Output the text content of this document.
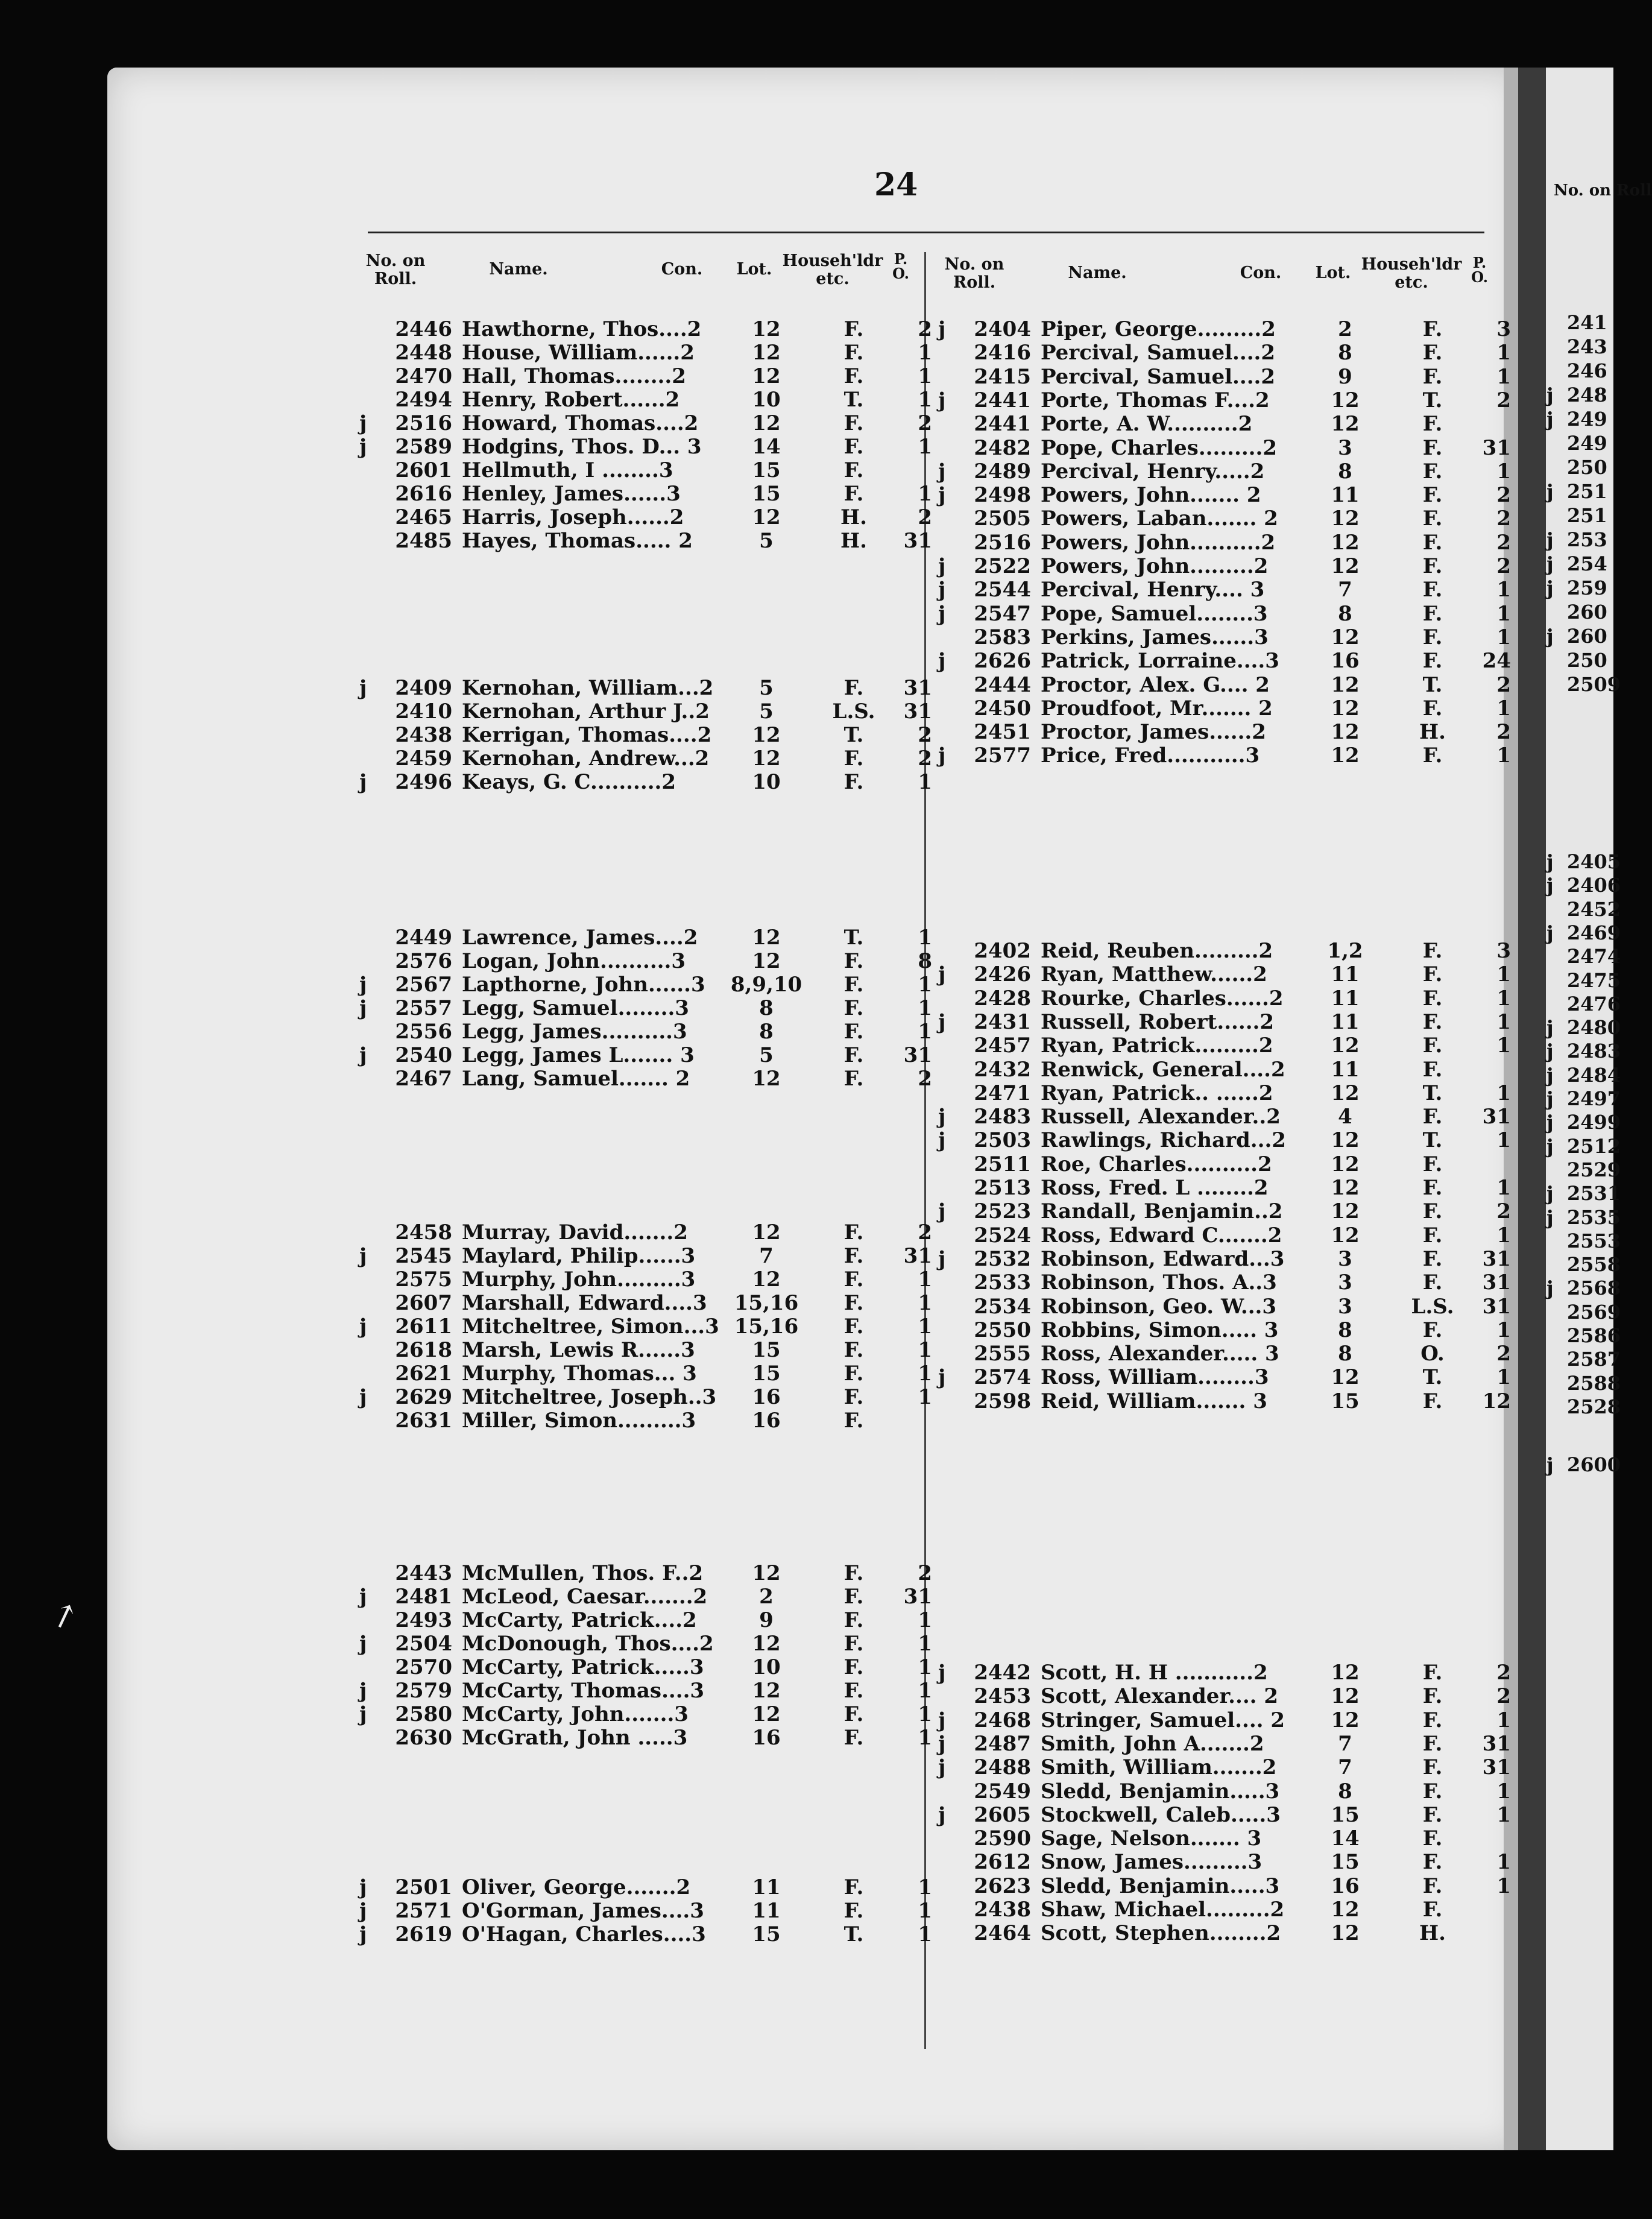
24
No. on Roll.
Name.	Con.	Lot. Househ'ldr etc.
P. O.	No. on Roll.
Name.	Con.	Lot. Househ'ldr etc.
P. O.
2446 Hawthorne, Thos....2	12	F.	2
2448 House, William......2	12	F.	1
2470 Hall, Thomas........2	12	F.	1
2494 Henry, Robert......2	10	T.	1
j	2516 Howard, Thomas....2	12	F.	2
j	2589 Hodgins, Thos. D... 3	14	F.	1
2601 Hellmuth, I ........3	15	F.
2616 Henley, James......3	15	F.	1
2465 Harris, Joseph......2	12	H.	2
2485 Hayes, Thomas..... 2	5	H.	31
j	2409 Kernohan, William...2	5	F.	31
2410 Kernohan, Arthur J..2	5	L.S.	31
2438 Kerrigan, Thomas....2	12	T.	2
2459 Kernohan, Andrew...2	12	F.	2
j	2496 Keays, G. C..........2	10	F.	1
2449 Lawrence, James....2	12	T.	1
2576 Logan, John..........3	12	F.	8
j	2567 Lapthorne, John......3	8,9,10	F.	1
j	2557 Legg, Samuel........3	8	F.	1
2556 Legg, James..........3	8	F.	1
j	2540 Legg, James L....... 3	5	F.	31
2467 Lang, Samuel....... 2	12	F.	2
2458 Murray, David.......2	12	F.	2
j	2545 Maylard, Philip......3	7	F.	31
2575 Murphy, John.........3	12	F.	1
2607 Marshall, Edward....3	15,16	F.	1
j	2611 Mitcheltree, Simon...3 15,16	F.	1
2618 Marsh, Lewis R......3	15	F.	1
2621 Murphy, Thomas... 3	15	F.	1
j	2629 Mitcheltree, Joseph..3	16	F.	1
2631 Miller, Simon.........3	16	F.
2443 McMullen, Thos. F..2	12	F.	2
j	2481 McLeod, Caesar.......2	2	F.	31
2493 McCarty, Patrick....2	9	F.	1
j	2504 McDonough, Thos....2	12	F.	1
2570 McCarty, Patrick.....3	10	F.	1
j	2579 McCarty, Thomas....3	12	F.	1
j	2580 McCarty, John.......3	12	F.	1
2630 McGrath, John .....3	16	F.	1
j	2501 Oliver, George.......2	11	F.	1
j	2571 O'Gorman, James....3	11	F.	1
j	2619 O'Hagan, Charles....3	15	T.	1
j	2404 Piper, George.........2	2	F.	3
2416 Percival, Samuel....2	8	F.	1
2415 Percival, Samuel....2	9	F.	1
j	2441 Porte, Thomas F....2	12	T.	2
2441 Porte, A. W..........2	12	F.
2482 Pope, Charles.........2	3	F.	31
j	2489 Percival, Henry.....2	8	F.	1
j	2498 Powers, John....... 2	11	F.	2
2505 Powers, Laban....... 2	12	F.	2
2516 Powers, John..........2	12	F.	2
j	2522 Powers, John.........2	12	F.	2
j	2544 Percival, Henry.... 3	7	F.	1
j	2547 Pope, Samuel........3	8	F.	1
2583 Perkins, James......3	12	F.	1
j	2626 Patrick, Lorraine....3	16	F.	24
2444 Proctor, Alex. G.... 2	12	T.	2
2450 Proudfoot, Mr....... 2	12	F.	1
2451 Proctor, James......2	12	H.	2
j	2577 Price, Fred...........3	12	F.	1
2402 Reid, Reuben.........2	1,2	F.	3
j	2426 Ryan, Matthew......2	11	F.	1
2428 Rourke, Charles......2	11	F.	1
j	2431 Russell, Robert......2	11	F.	1
2457 Ryan, Patrick.........2	12	F.	1
2432 Renwick, General....2	11	F.
2471 Ryan, Patrick.. ......2	12	T.	1
j	2483 Russell, Alexander..2	4	F.	31
j	2503 Rawlings, Richard...2	12	T.	1
2511 Roe, Charles..........2	12	F.
2513 Ross, Fred. L ........2	12	F.	1
j	2523 Randall, Benjamin..2	12	F.	2
2524 Ross, Edward C.......2	12	F.	1
j	2532 Robinson, Edward...3	3	F.	31
2533 Robinson, Thos. A..3	3	F.	31
2534 Robinson, Geo. W...3	3	L.S.	31
2550 Robbins, Simon..... 3	8	F.	1
2555 Ross, Alexander..... 3	8	O.	2
j	2574 Ross, William........3	12	T.	1
2598 Reid, William....... 3	15	F.	12
j	2442 Scott, H. H ...........2	12	F.	2
2453 Scott, Alexander.... 2	12	F.	2
j	2468 Stringer, Samuel.... 2	12	F.	1
j	2487 Smith, John A.......2	7	F.	31
j	2488 Smith, William.......2	7	F.	31
2549 Sledd, Benjamin.....3	8	F.	1
j	2605 Stockwell, Caleb.....3	15	F.	1
2590 Sage, Nelson....... 3	14	F.
2612 Snow, James.........3	15	F.	1
2623 Sledd, Benjamin.....3	16	F.	1
2438 Shaw, Michael.........2	12	F.
2464 Scott, Stephen........2	12	H.
No. on Roll
241
243
246
j 248
j 249
249
250
j 251
251
j 253
j 254
j 259
260
j 260
250
2509
j 2405
j 2406
2452
j 2469
2474
2475
2476
j 2480
j 2483
j 2484
j 2497
j 2499
j 2512
2529
j 2531
j 2535
2553
2558
j 2568
2569
2586
2587
2588
2528
j 2600
↗
